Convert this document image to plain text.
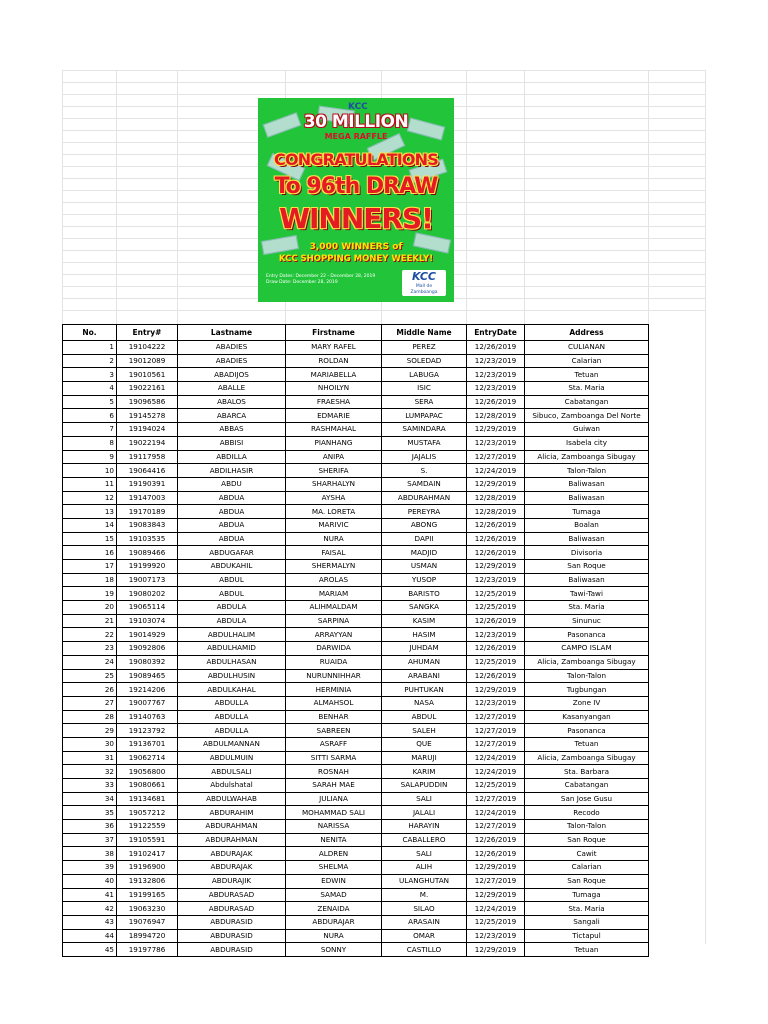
KCC
30 MILLION
MEGA RAFFLE
CONGRATULATIONS
To 96th DRAW
WINNERS!
3,000 WINNERS of
KCC SHOPPING MONEY WEEKLY!
Entry Dates: December 22 - December 28, 2019
Draw Date: December 28, 2019	KCC
Mall de Zamboanga
No.	Entry#	Lastname	Firstname	Middle Name	EntryDate	Address
1	19104222	ABADIES	MARY RAFEL	PEREZ	12/26/2019	CULIANAN
2	19012089	ABADIES	ROLDAN	SOLEDAD	12/23/2019	Calarian
3	19010561	ABADIJOS	MARIABELLA	LABUGA	12/23/2019	Tetuan
4	19022161	ABALLE	NHOILYN	ISIC	12/23/2019	Sta. Maria
5	19096586	ABALOS	FRAESHA	SERA	12/26/2019	Cabatangan
6	19145278	ABARCA	EDMARIE	LUMPAPAC	12/28/2019	Sibuco, Zamboanga Del Norte
7	19194024	ABBAS	RASHMAHAL	SAMINDARA	12/29/2019	Guiwan
8	19022194	ABBISI	PIANHANG	MUSTAFA	12/23/2019	Isabela city
9	19117958	ABDILLA	ANIPA	JAJALIS	12/27/2019	Alicia, Zamboanga Sibugay
10	19064416	ABDILHASIR	SHERIFA	S.	12/24/2019	Talon-Talon
11	19190391	ABDU	SHARHALYN	SAMDAIN	12/29/2019	Baliwasan
12	19147003	ABDUA	AYSHA	ABDURAHMAN	12/28/2019	Baliwasan
13	19170189	ABDUA	MA. LORETA	PEREYRA	12/28/2019	Tumaga
14	19083843	ABDUA	MARIVIC	ABONG	12/26/2019	Boalan
15	19103535	ABDUA	NURA	DAPII	12/26/2019	Baliwasan
16	19089466	ABDUGAFAR	FAISAL	MADJID	12/26/2019	Divisoria
17	19199920	ABDUKAHIL	SHERMALYN	USMAN	12/29/2019	San Roque
18	19007173	ABDUL	AROLAS	YUSOP	12/23/2019	Baliwasan
19	19080202	ABDUL	MARIAM	BARISTO	12/25/2019	Tawi-Tawi
20	19065114	ABDULA	ALIHMALDAM	SANGKA	12/25/2019	Sta. Maria
21	19103074	ABDULA	SARPINA	KASIM	12/26/2019	Sinunuc
22	19014929	ABDULHALIM	ARRAYYAN	HASIM	12/23/2019	Pasonanca
23	19092806	ABDULHAMID	DARWIDA	JUHDAM	12/26/2019	CAMPO ISLAM
24	19080392	ABDULHASAN	RUAIDA	AHUMAN	12/25/2019	Alicia, Zamboanga Sibugay
25	19089465	ABDULHUSIN	NURUNNIHHAR	ARABANI	12/26/2019	Talon-Talon
26	19214206	ABDULKAHAL	HERMINIA	PUHTUKAN	12/29/2019	Tugbungan
27	19007767	ABDULLA	ALMAHSOL	NASA	12/23/2019	Zone IV
28	19140763	ABDULLA	BENHAR	ABDUL	12/27/2019	Kasanyangan
29	19123792	ABDULLA	SABREEN	SALEH	12/27/2019	Pasonanca
30	19136701	ABDULMANNAN	ASRAFF	QUE	12/27/2019	Tetuan
31	19062714	ABDULMUIN	SITTI SARMA	MARUJI	12/24/2019	Alicia, Zamboanga Sibugay
32	19056800	ABDULSALI	ROSNAH	KARIM	12/24/2019	Sta. Barbara
33	19080661	Abdulshatal	SARAH MAE	SALAPUDDIN	12/25/2019	Cabatangan
34	19134681	ABDULWAHAB	JULIANA	SALI	12/27/2019	San Jose Gusu
35	19057212	ABDURAHIM	MOHAMMAD SALI	JALALI	12/24/2019	Recodo
36	19122559	ABDURAHMAN	NARISSA	HARAYIN	12/27/2019	Talon-Talon
37	19105591	ABDURAHMAN	NENITA	CABALLERO	12/26/2019	San Roque
38	19102417	ABDURAJAK	ALDREN	SALI	12/26/2019	Cawit
39	19196900	ABDURAJAK	SHELMA	ALIH	12/29/2019	Calarian
40	19132806	ABDURAJIK	EDWIN	ULANGHUTAN	12/27/2019	San Roque
41	19199165	ABDURASAD	SAMAD	M.	12/29/2019	Tumaga
42	19063230	ABDURASAD	ZENAIDA	SILAO	12/24/2019	Sta. Maria
43	19076947	ABDURASID	ABDURAJAR	ARASAIN	12/25/2019	Sangali
44	18994720	ABDURASID	NURA	OMAR	12/23/2019	Tictapul
45	19197786	ABDURASID	SONNY	CASTILLO	12/29/2019	Tetuan
